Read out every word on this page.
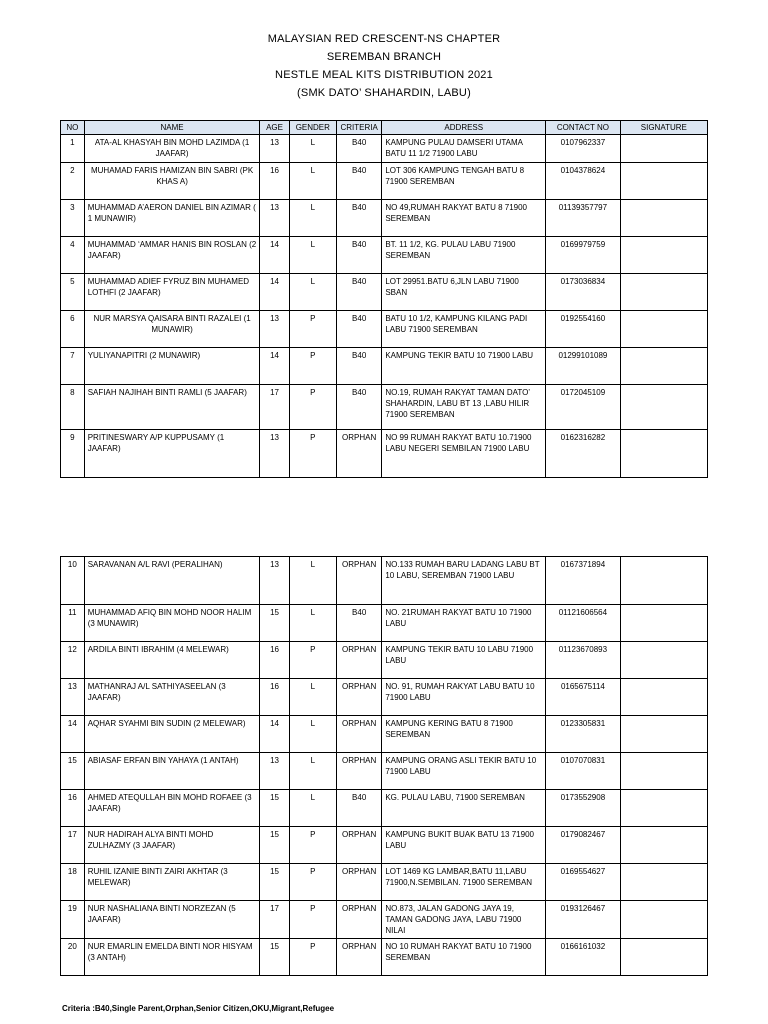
MALAYSIAN RED CRESCENT-NS CHAPTER
SEREMBAN BRANCH
NESTLE MEAL KITS DISTRIBUTION 2021
(SMK DATO’ SHAHARDIN, LABU)
NO	NAME	AGE	GENDER	CRITERIA	ADDRESS	CONTACT NO	SIGNATURE
1	ATA-AL KHASYAH BIN MOHD LAZIMDA (1 JAAFAR)	13	L	B40	KAMPUNG PULAU DAMSERI UTAMA BATU 11 1/2 71900 LABU	0107962337	
2	MUHAMAD FARIS HAMIZAN BIN SABRI (PK KHAS A)	16	L	B40	LOT 306 KAMPUNG TENGAH BATU 8 71900 SEREMBAN	0104378624	
3	MUHAMMAD A’AERON DANIEL BIN AZIMAR ( 1 MUNAWIR)	13	L	B40	NO 49,RUMAH RAKYAT BATU 8 71900 SEREMBAN	01139357797	
4	MUHAMMAD ‘AMMAR HANIS BIN ROSLAN (2 JAAFAR)	14	L	B40	BT. 11 1/2, KG. PULAU LABU 71900 SEREMBAN	0169979759	
5	MUHAMMAD ADIEF FYRUZ BIN MUHAMED LOTHFI (2 JAAFAR)	14	L	B40	LOT 29951.BATU 6,JLN LABU 71900 SBAN	0173036834	
6	NUR MARSYA QAISARA BINTI RAZALEI (1 MUNAWIR)	13	P	B40	BATU 10 1/2, KAMPUNG KILANG PADI LABU 71900 SEREMBAN	0192554160	
7	YULIYANAPITRI (2 MUNAWIR)	14	P	B40	KAMPUNG TEKIR BATU 10 71900 LABU	01299101089	
8	SAFIAH NAJIHAH BINTI RAMLI (5 JAAFAR)	17	P	B40	NO.19, RUMAH RAKYAT TAMAN DATO’ SHAHARDIN, LABU BT 13 ,LABU HILIR 71900 SEREMBAN	0172045109	
9	PRITINESWARY A/P KUPPUSAMY (1 JAAFAR)	13	P	ORPHAN	NO 99 RUMAH RAKYAT BATU 10.71900 LABU NEGERI SEMBILAN 71900 LABU	0162316282	
10	SARAVANAN A/L RAVI (PERALIHAN)	13	L	ORPHAN	NO.133 RUMAH BARU LADANG LABU BT 10 LABU, SEREMBAN 71900 LABU	0167371894	
11	MUHAMMAD AFIQ BIN MOHD NOOR HALIM (3 MUNAWIR)	15	L	B40	NO. 21RUMAH RAKYAT BATU 10 71900 LABU	01121606564	
12	ARDILA BINTI IBRAHIM (4 MELEWAR)	16	P	ORPHAN	KAMPUNG TEKIR BATU 10 LABU 71900 LABU	01123670893	
13	MATHANRAJ A/L SATHIYASEELAN (3 JAAFAR)	16	L	ORPHAN	NO. 91, RUMAH RAKYAT LABU BATU 10 71900 LABU	0165675114	
14	AQHAR SYAHMI BIN SUDIN (2 MELEWAR)	14	L	ORPHAN	KAMPUNG KERING BATU 8 71900 SEREMBAN	0123305831	
15	ABIASAF ERFAN BIN YAHAYA (1 ANTAH)	13	L	ORPHAN	KAMPUNG ORANG ASLI TEKIR BATU 10 71900 LABU	0107070831	
16	AHMED ATEQULLAH BIN MOHD ROFAEE (3 JAAFAR)	15	L	B40	KG. PULAU LABU, 71900 SEREMBAN	0173552908	
17	NUR HADIRAH ALYA BINTI MOHD ZULHAZMY (3 JAAFAR)	15	P	ORPHAN	KAMPUNG BUKIT BUAK BATU 13 71900 LABU	0179082467	
18	RUHIL IZANIE BINTI ZAIRI AKHTAR (3 MELEWAR)	15	P	ORPHAN	LOT 1469 KG LAMBAR,BATU 11,LABU 71900,N.SEMBILAN. 71900 SEREMBAN	0169554627	
19	NUR NASHALIANA BINTI NORZEZAN (5 JAAFAR)	17	P	ORPHAN	NO.873, JALAN GADONG JAYA 19, TAMAN GADONG JAYA, LABU 71900 NILAI	0193126467	
20	NUR EMARLIN EMELDA BINTI NOR HISYAM (3 ANTAH)	15	P	ORPHAN	NO 10 RUMAH RAKYAT BATU 10 71900 SEREMBAN	0166161032	
Criteria :B40,Single Parent,Orphan,Senior Citizen,OKU,Migrant,Refugee
